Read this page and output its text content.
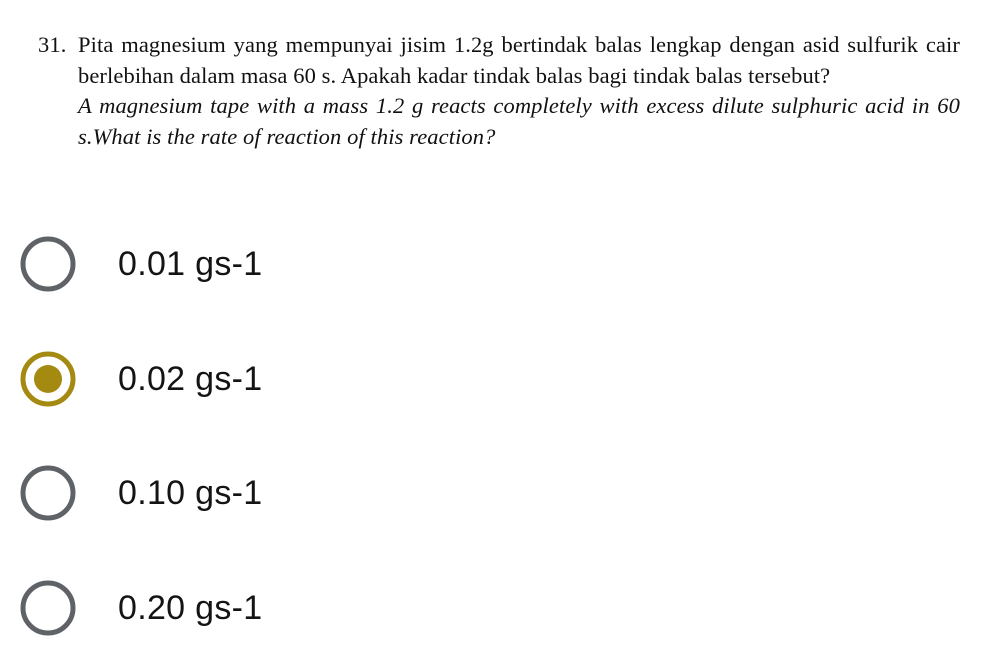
31. Pita magnesium yang mempunyai jisim 1.2g bertindak balas lengkap dengan asid sulfurik cair berlebihan dalam masa 60 s. Apakah kadar tindak balas bagi tindak balas tersebut?
A magnesium tape with a mass 1.2 g reacts completely with excess dilute sulphuric acid in 60 s.What is the rate of reaction of this reaction?
0.01 gs-1
0.02 gs-1
0.10 gs-1
0.20 gs-1
